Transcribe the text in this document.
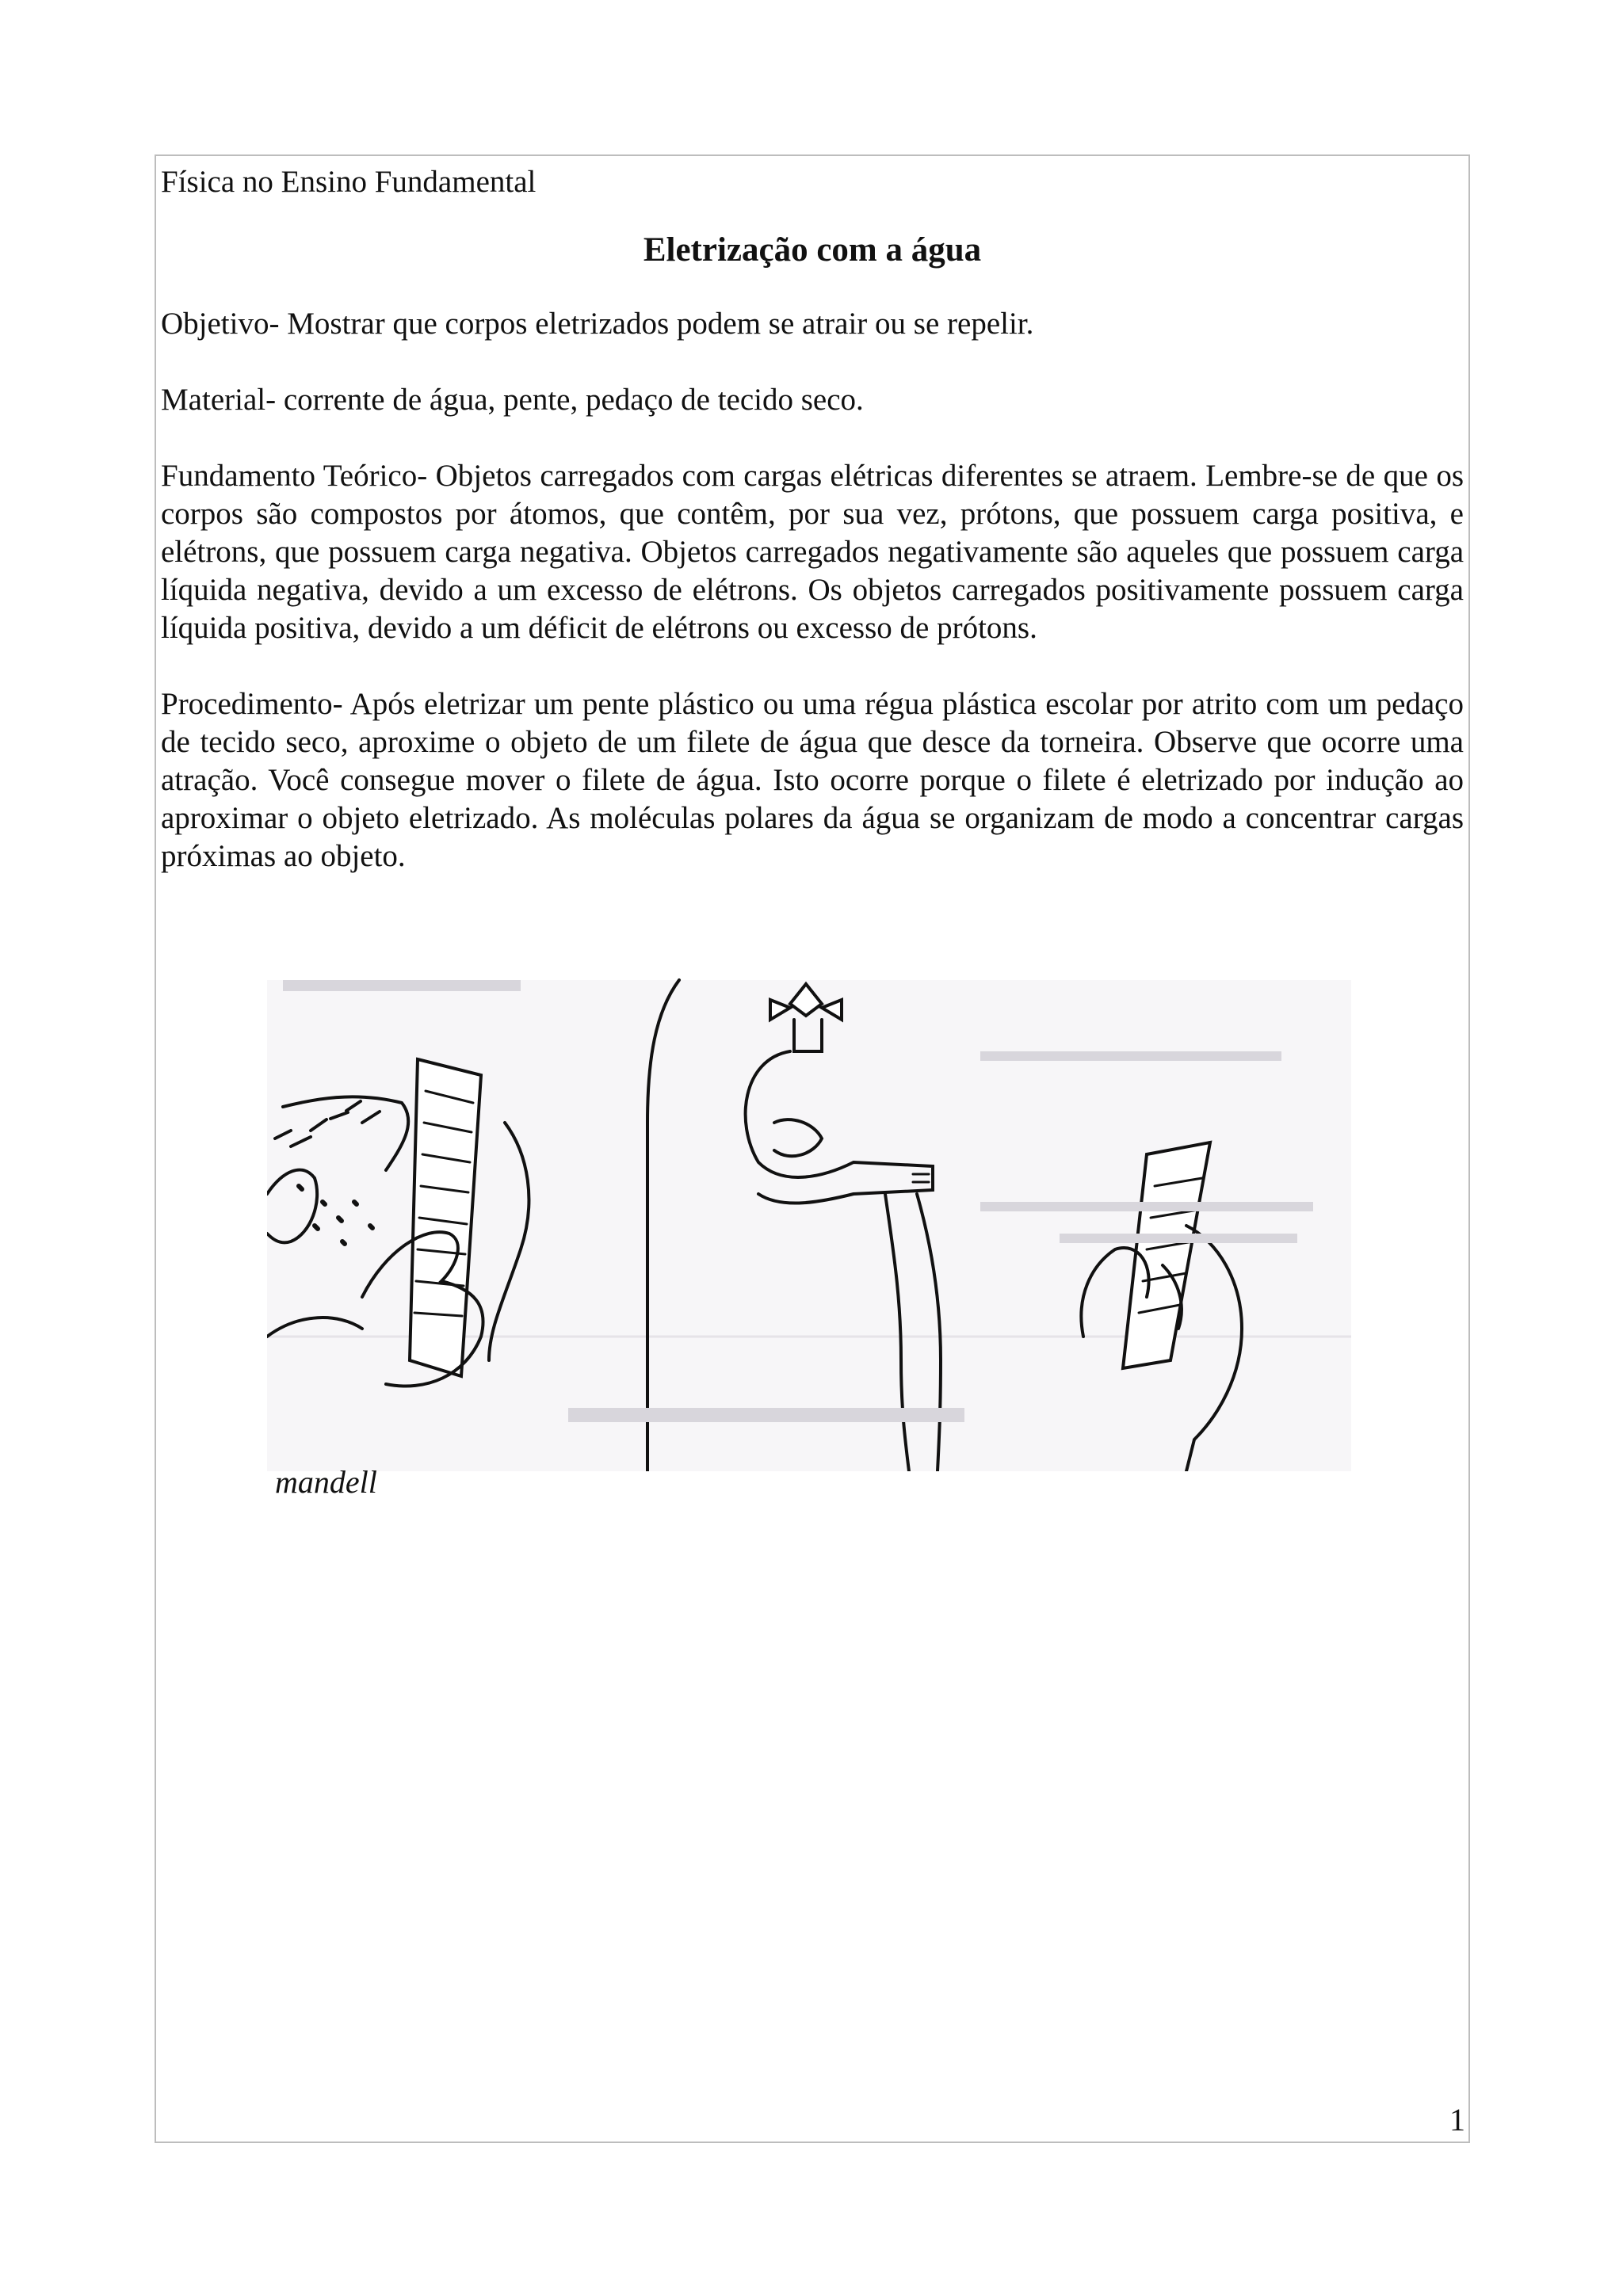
Física no Ensino Fundamental

Eletrização com a água

Objetivo- Mostrar que corpos eletrizados podem se atrair ou se repelir.

Material- corrente de água, pente, pedaço de tecido seco.

Fundamento Teórico- Objetos carregados com cargas elétricas diferentes se atraem. Lembre-se de que os corpos são compostos por átomos, que contêm, por sua vez, prótons, que possuem carga positiva, e elétrons, que possuem carga negativa. Objetos carregados negativamente são aqueles que possuem carga líquida negativa, devido a um excesso de elétrons. Os objetos carregados positivamente possuem carga líquida positiva, devido a um déficit de elétrons ou excesso de prótons.

Procedimento- Após eletrizar um pente plástico ou uma régua plástica escolar por atrito com um pedaço de tecido seco, aproxime o objeto de um filete de água que desce da torneira. Observe que ocorre uma atração. Você consegue mover o filete de água. Isto ocorre porque o filete é eletrizado por indução ao aproximar o objeto eletrizado. As moléculas polares da água se organizam de modo a concentrar cargas próximas ao objeto.

mandell
1
